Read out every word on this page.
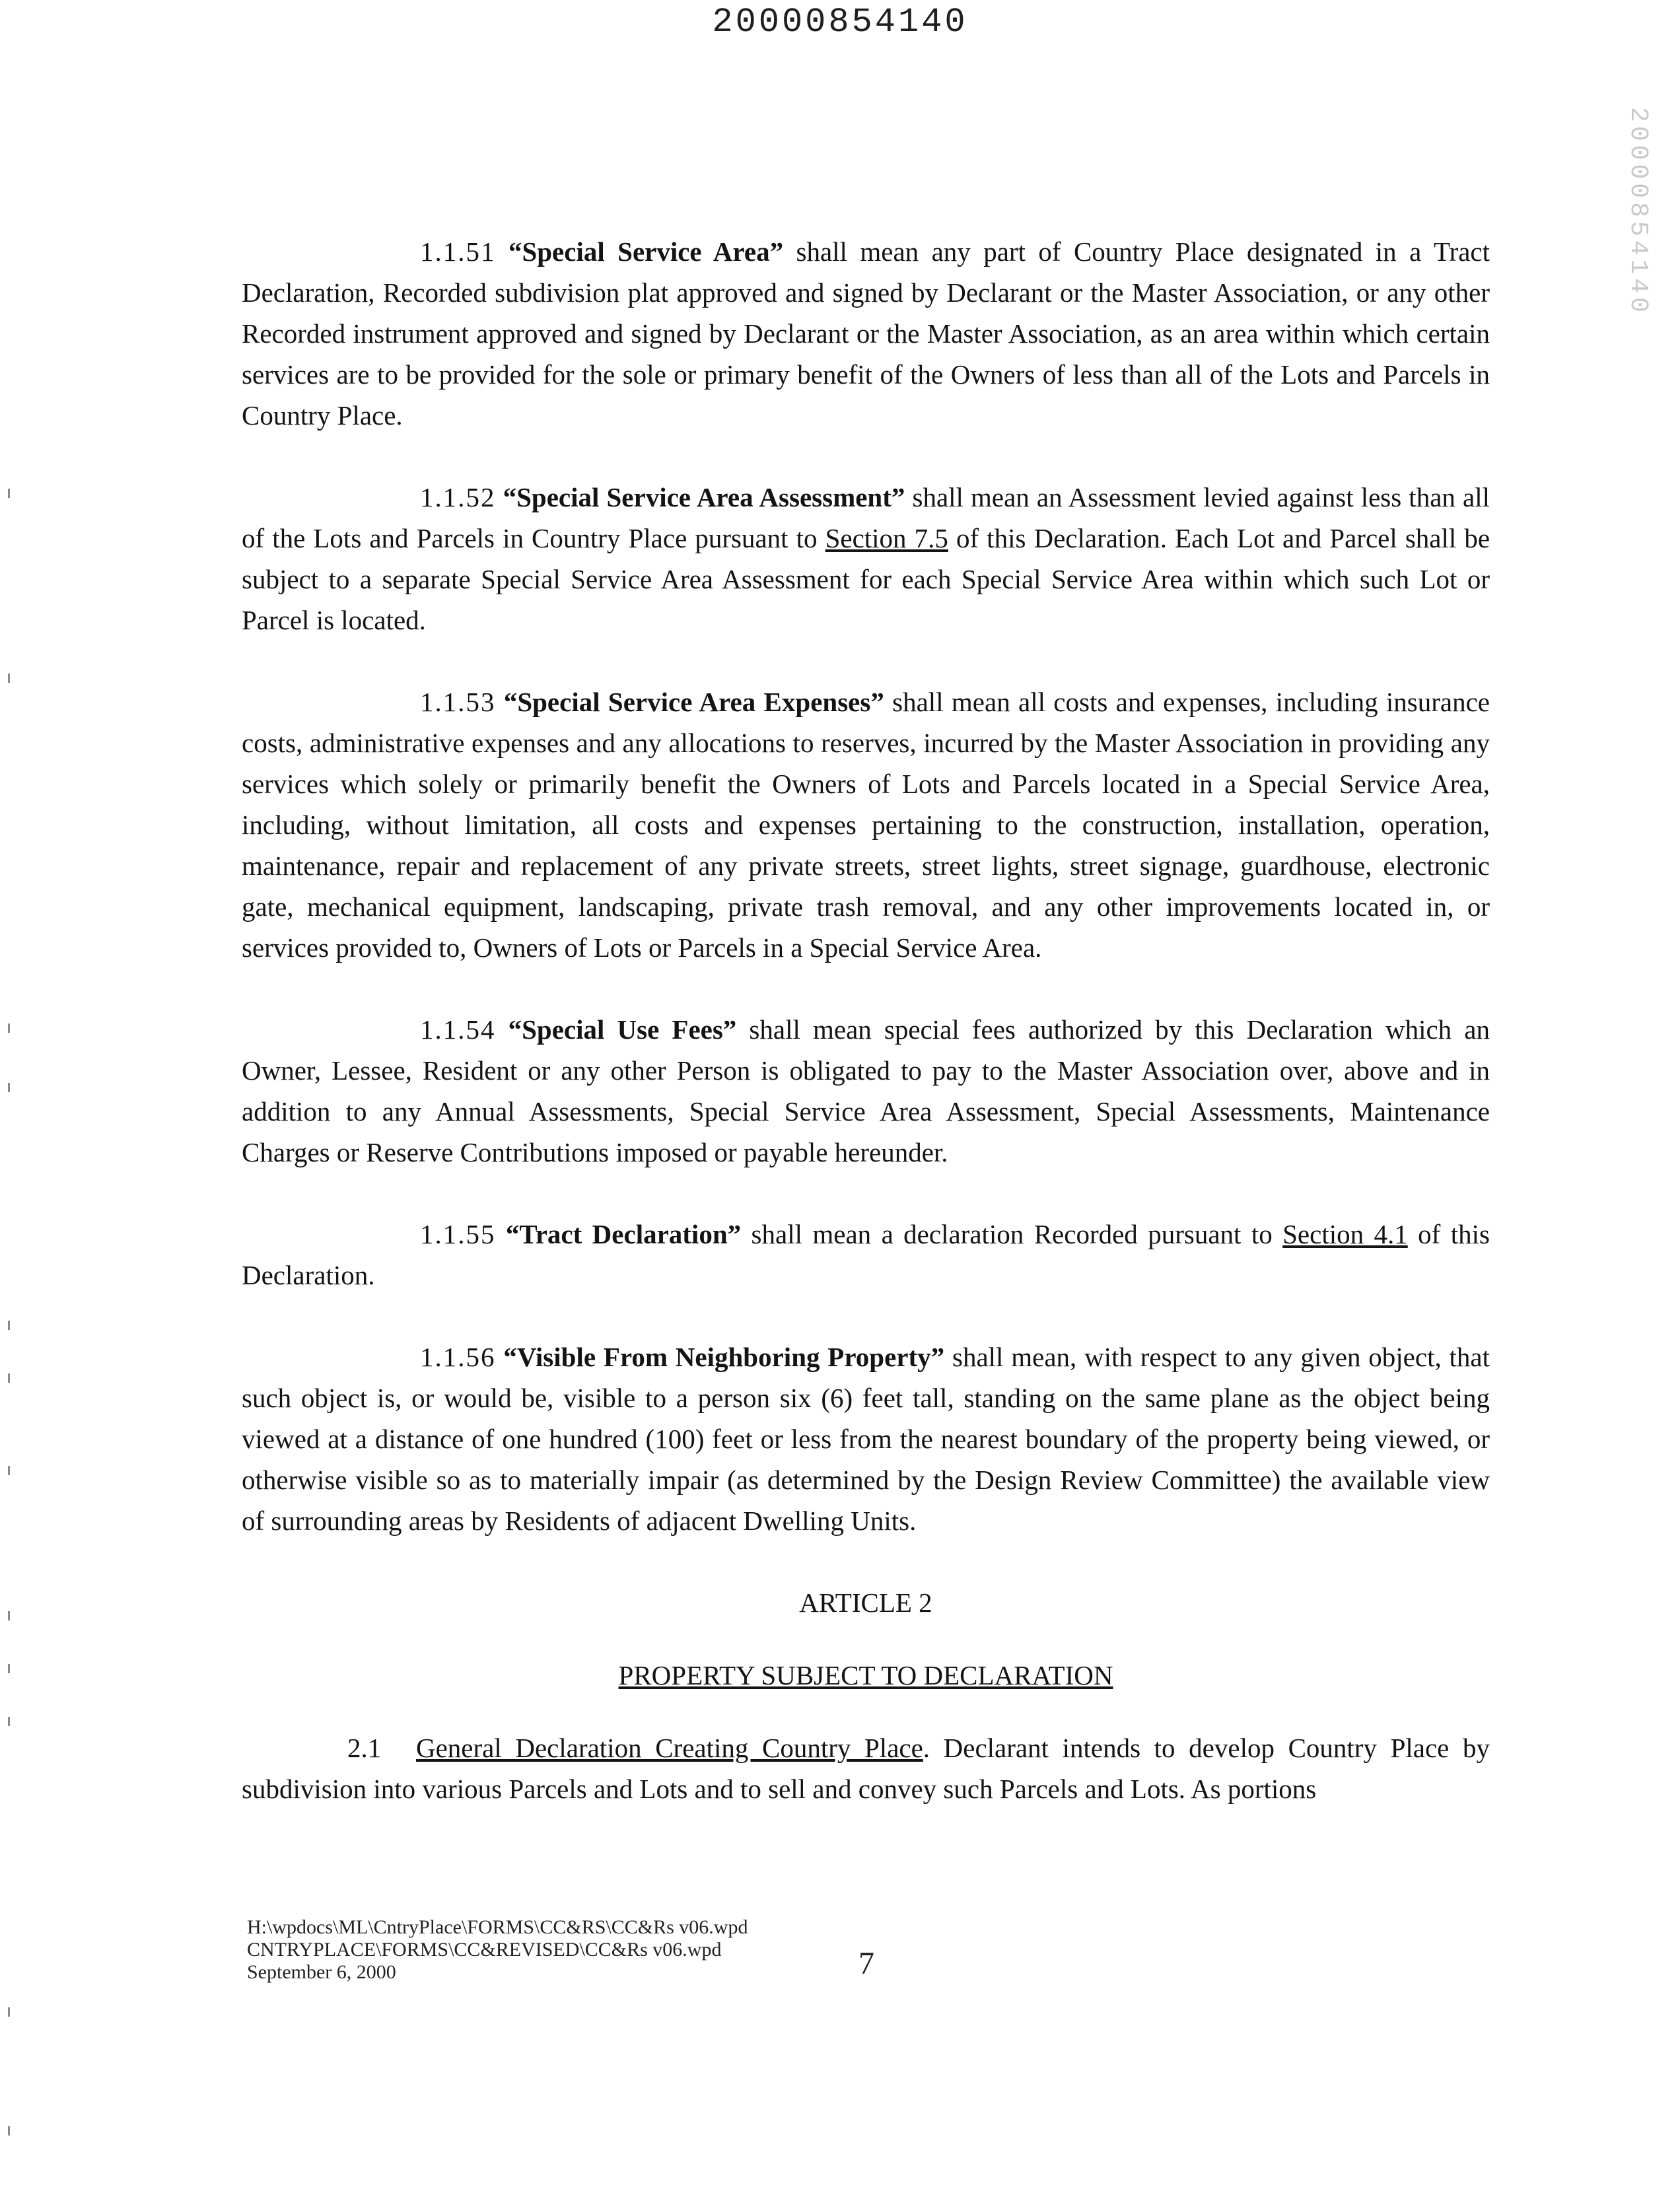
20000854140
20000854140

1.1.51 “Special Service Area” shall mean any part of Country Place designated in a Tract Declaration, Recorded subdivision plat approved and signed by Declarant or the Master Association, or any other Recorded instrument approved and signed by Declarant or the Master Association, as an area within which certain services are to be provided for the sole or primary benefit of the Owners of less than all of the Lots and Parcels in Country Place.

1.1.52 “Special Service Area Assessment” shall mean an Assessment levied against less than all of the Lots and Parcels in Country Place pursuant to Section 7.5 of this Declaration. Each Lot and Parcel shall be subject to a separate Special Service Area Assessment for each Special Service Area within which such Lot or Parcel is located.

1.1.53 “Special Service Area Expenses” shall mean all costs and expenses, including insurance costs, administrative expenses and any allocations to reserves, incurred by the Master Association in providing any services which solely or primarily benefit the Owners of Lots and Parcels located in a Special Service Area, including, without limitation, all costs and expenses pertaining to the construction, installation, operation, maintenance, repair and replacement of any private streets, street lights, street signage, guardhouse, electronic gate, mechanical equipment, landscaping, private trash removal, and any other improvements located in, or services provided to, Owners of Lots or Parcels in a Special Service Area.

1.1.54 “Special Use Fees” shall mean special fees authorized by this Declaration which an Owner, Lessee, Resident or any other Person is obligated to pay to the Master Association over, above and in addition to any Annual Assessments, Special Service Area Assessment, Special Assessments, Maintenance Charges or Reserve Contributions imposed or payable hereunder.

1.1.55 “Tract Declaration” shall mean a declaration Recorded pursuant to Section 4.1 of this Declaration.

1.1.56 “Visible From Neighboring Property” shall mean, with respect to any given object, that such object is, or would be, visible to a person six (6) feet tall, standing on the same plane as the object being viewed at a distance of one hundred (100) feet or less from the nearest boundary of the property being viewed, or otherwise visible so as to materially impair (as determined by the Design Review Committee) the available view of surrounding areas by Residents of adjacent Dwelling Units.

ARTICLE 2
PROPERTY SUBJECT TO DECLARATION

2.1 General Declaration Creating Country Place. Declarant intends to develop Country Place by subdivision into various Parcels and Lots and to sell and convey such Parcels and Lots. As portions

H:\wpdocs\ML\CntryPlace\FORMS\CC&RS\CC&Rs v06.wpd
CNTRYPLACE\FORMS\CC&REVISED\CC&Rs v06.wpd
September 6, 2000	7
